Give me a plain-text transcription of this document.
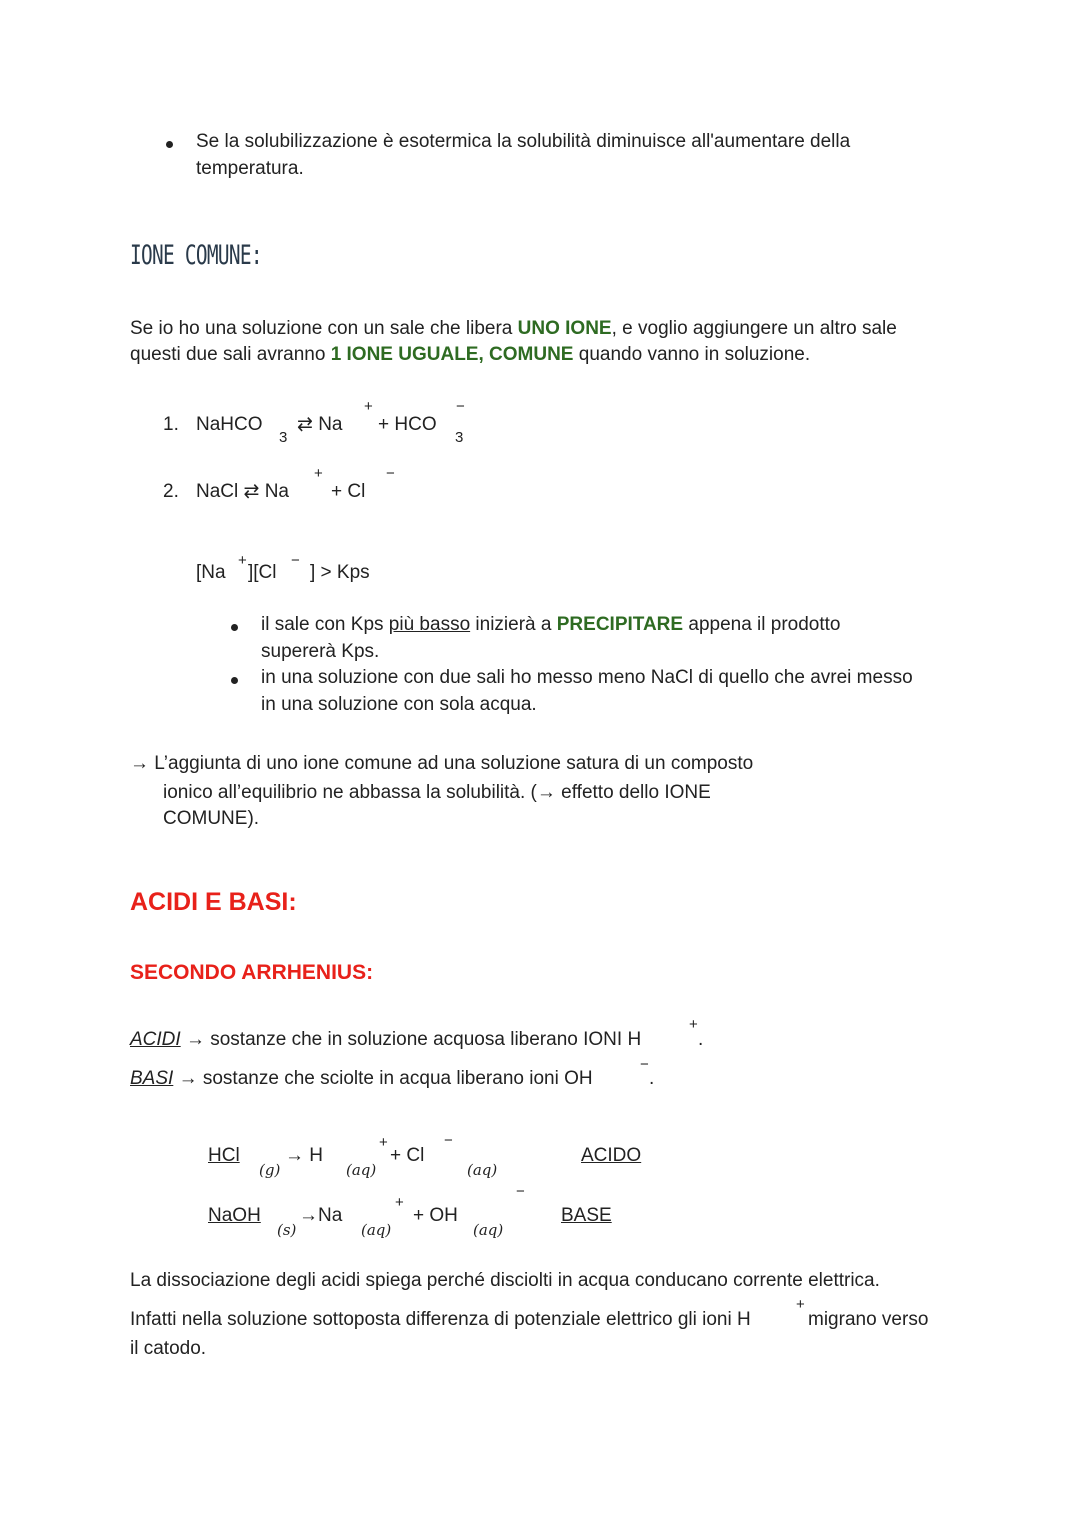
Se la solubilizzazione è esotermica la solubilità diminuisce all'aumentare della
temperatura.
IONE COMUNE:
Se io ho una soluzione con un sale che libera UNO IONE, e voglio aggiungere un altro sale
questi due sali avranno 1 IONE UGUALE, COMUNE quando vanno in soluzione.
1. NaHCO
3
⇄ Na
+
+ HCO
−
3
2. NaCl ⇄ Na
+
+ Cl
−
[Na
+
][Cl
−
] > Kps
il sale con Kps più basso inizierà a PRECIPITARE appena il prodotto
supererà Kps.
in una soluzione con due sali ho messo meno NaCl di quello che avrei messo
in una soluzione con sola acqua.
→ L’aggiunta di uno ione comune ad una soluzione satura di un composto
ionico all’equilibrio ne abbassa la solubilità. (→ effetto dello IONE
COMUNE).
ACIDI E BASI:
SECONDO ARRHENIUS:
ACIDI → sostanze che in soluzione acquosa liberano IONI H
+
.
BASI → sostanze che sciolte in acqua liberano ioni OH
−
.
HCl
(g)
→ H
(aq)
+
+ Cl
−
(aq)
ACIDO
NaOH
(s)
→Na
(aq)
+
+ OH
−
(aq)
BASE
La dissociazione degli acidi spiega perché disciolti in acqua conducano corrente elettrica.
Infatti nella soluzione sottoposta differenza di potenziale elettrico gli ioni H
+
migrano verso
il catodo.
